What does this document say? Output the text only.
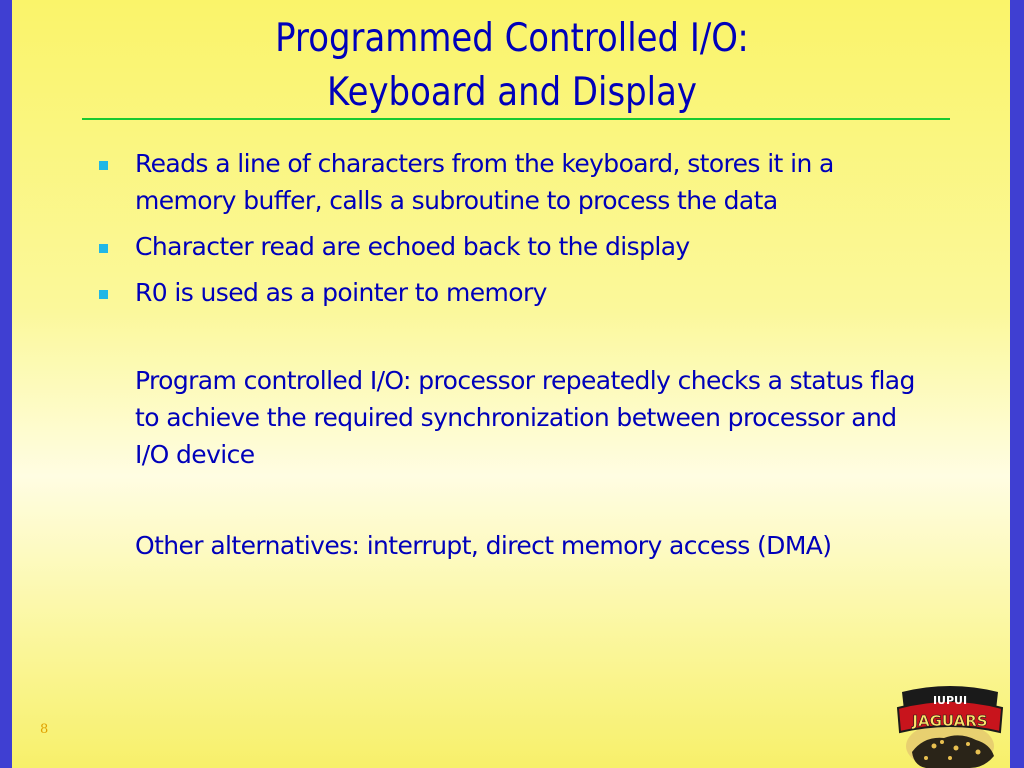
Programmed Controlled I/O:
Keyboard and Display
Reads a line of characters from the keyboard, stores it in a memory buffer, calls a subroutine to process the data
Character read are echoed back to the display
R0 is used as a pointer to memory

Program controlled I/O: processor repeatedly checks a status flag to achieve the required synchronization between processor and I/O device

Other alternatives: interrupt, direct memory access (DMA)

8
IUPUI
JAGUARS
